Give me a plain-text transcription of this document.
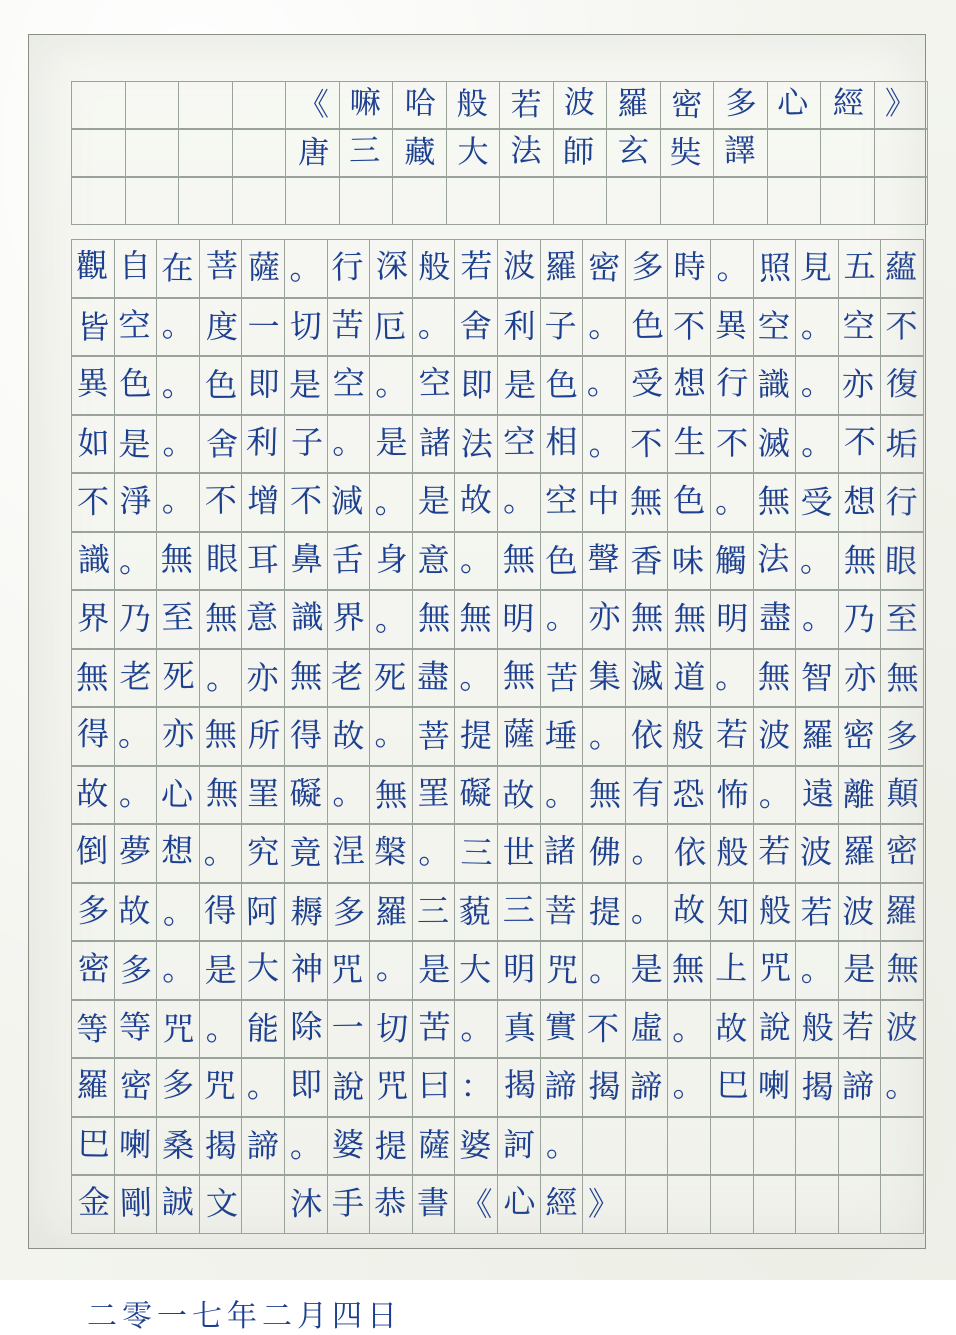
《 嘛 哈 般 若 波 羅 密 多 心 經 》
唐 三 藏 大 法 師 玄 奘 譯
觀 自 在 菩 薩 。 行 深 般 若 波 羅 密 多 時 。 照 見 五 蘊
皆 空 。 度 一 切 苦 厄 。 舍 利 子 。 色 不 異 空 。 空 不
異 色 。 色 即 是 空 。 空 即 是 色 。 受 想 行 識 。 亦 復
如 是 。 舍 利 子 。 是 諸 法 空 相 。 不 生 不 滅 。 不 垢
不 淨 。 不 增 不 減 。 是 故 。 空 中 無 色 。 無 受 想 行
識 。 無 眼 耳 鼻 舌 身 意 。 無 色 聲 香 味 觸 法 。 無 眼
界 乃 至 無 意 識 界 。 無 無 明 。 亦 無 無 明 盡 。 乃 至
無 老 死 。 亦 無 老 死 盡 。 無 苦 集 滅 道 。 無 智 亦 無
得 。 亦 無 所 得 故 。 菩 提 薩 埵 。 依 般 若 波 羅 密 多
故 。 心 無 罣 礙 。 無 罣 礙 故 。 無 有 恐 怖 。 遠 離 顛
倒 夢 想 。 究 竟 涅 槃 。 三 世 諸 佛 。 依 般 若 波 羅 密
多 故 。 得 阿 耨 多 羅 三 藐 三 菩 提 。 故 知 般 若 波 羅
密 多 。 是 大 神 咒 。 是 大 明 咒 。 是 無 上 咒 。 是 無
等 等 咒 。 能 除 一 切 苦 。 真 實 不 虛 。 故 說 般 若 波
羅 密 多 咒 。 即 說 咒 曰 ： 揭 諦 揭 諦 。 巴 喇 揭 諦 。
巴 喇 桑 揭 諦 。 婆 提 薩 婆 訶 。
金 剛 誠 文 沐 手 恭 書 《 心 經 》
二零一七年二月四日
